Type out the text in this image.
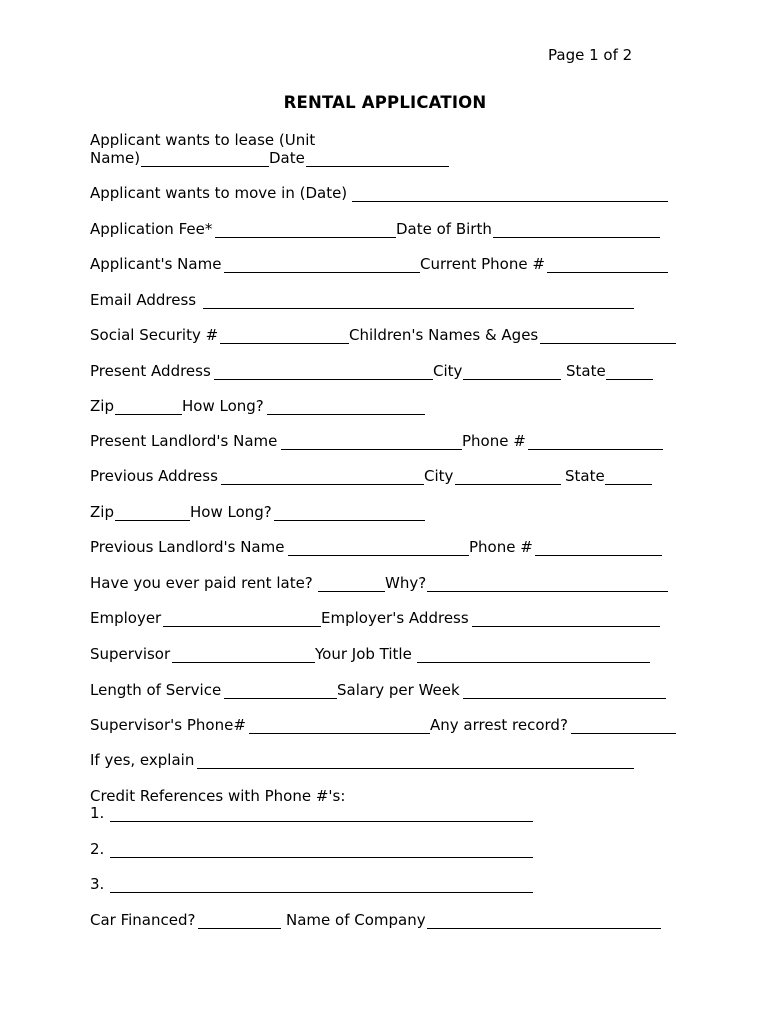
Page 1 of 2
RENTAL APPLICATION
Applicant wants to lease (Unit
Name)	Date
Applicant wants to move in (Date)
Application Fee*	Date of Birth
Applicant's Name	Current Phone #
Email Address
Social Security #	Children's Names & Ages
Present Address	City	State
Zip	How Long?
Present Landlord's Name	Phone #
Previous Address	City	State
Zip	How Long?
Previous Landlord's Name	Phone #
Have you ever paid rent late?	Why?
Employer	Employer's Address
Supervisor	Your Job Title
Length of Service	Salary per Week
Supervisor's Phone#	Any arrest record?
If yes, explain
Credit References with Phone #'s:
1.
2.
3.
Car Financed?	Name of Company
